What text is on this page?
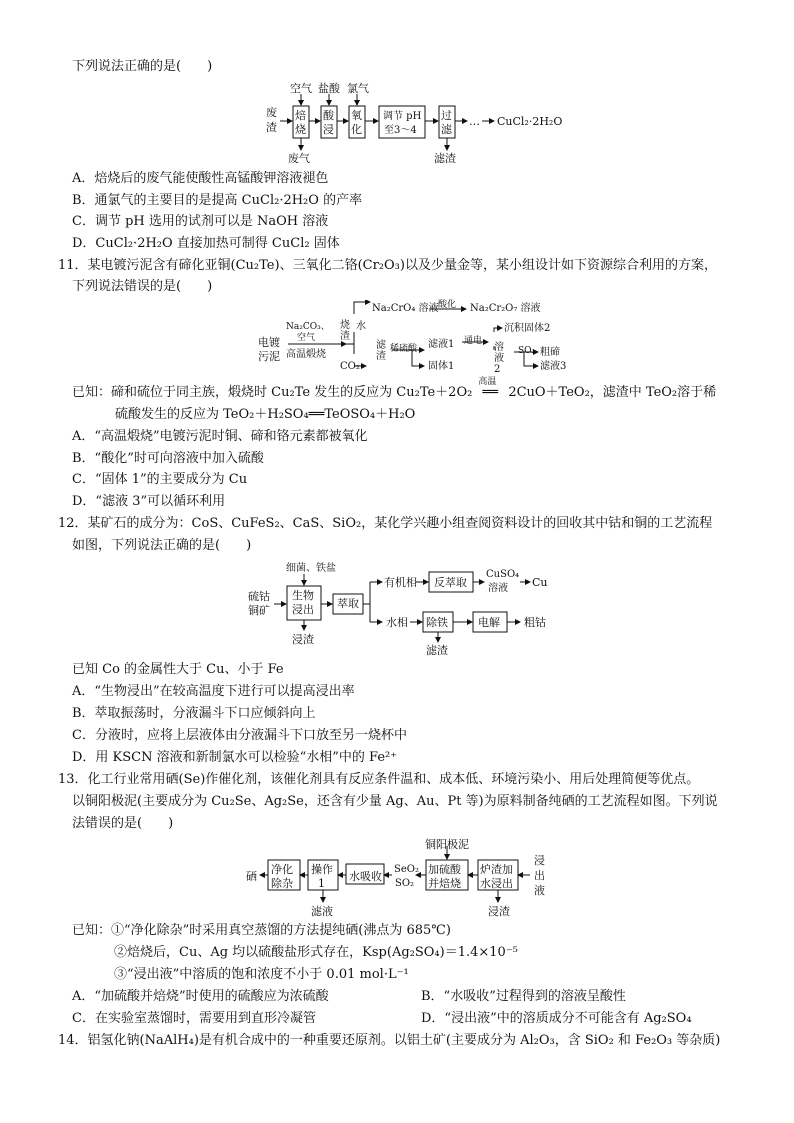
下列说法正确的是(　　)
废
渣
焙
烧
酸
浸
氧
化
调节 pH
至3～4
过
滤
…
空气 盐酸 氯气
废气	滤渣
CuCl₂·2H₂O
A．焙烧后的废气能使酸性高锰酸钾溶液褪色
B．通氯气的主要目的是提高 CuCl₂·2H₂O 的产率
C．调节 pH 选用的试剂可以是 NaOH 溶液
D．CuCl₂·2H₂O 直接加热可制得 CuCl₂ 固体
11．某电镀污泥含有碲化亚铜(Cu₂Te)、三氧化二铬(Cr₂O₃)以及少量金等，某小组设计如下资源综合利用的方案，
下列说法错误的是(　　)
电镀
污泥
Na₂CO₃、空气
高温煅烧
烧渣
水
Na₂CrO₄ 溶液 酸化 Na₂Cr₂O₇ 溶液
CO₂
滤渣
稀硫酸 滤液1 通电
沉积固体2
溶液2
SO₂ 粗碲
滤液3
固体1
已知：碲和硫位于同主族，煅烧时 Cu₂Te 发生的反应为 Cu₂Te＋2O₂
高温
══ 2CuO＋TeO₂，滤渣中 TeO₂溶于稀
硫酸发生的反应为 TeO₂＋H₂SO₄══TeOSO₄＋H₂O
A．“高温煅烧”电镀污泥时铜、碲和铬元素都被氧化
B．“酸化”时可向溶液中加入硫酸
C．“固体 1”的主要成分为 Cu
D．“滤液 3”可以循环利用
12．某矿石的成分为：CoS、CuFeS₂、CaS、SiO₂，某化学兴趣小组查阅资料设计的回收其中钴和铜的工艺流程
如图，下列说法正确的是(　　)
硫钴
铜矿
细菌、铁盐
生物
浸出
浸渣
萃取
有机相 反萃取
CuSO₄
溶液 Cu
水相 除铁
滤渣
电解 粗钴
已知 Co 的金属性大于 Cu、小于 Fe
A．“生物浸出”在较高温度下进行可以提高浸出率
B．萃取振荡时，分液漏斗下口应倾斜向上
C．分液时，应将上层液体由分液漏斗下口放至另一烧杯中
D．用 KSCN 溶液和新制氯水可以检验“水相”中的 Fe²⁺
13．化工行业常用硒(Se)作催化剂，该催化剂具有反应条件温和、成本低、环境污染小、用后处理简便等优点。
以铜阳极泥(主要成分为 Cu₂Se、Ag₂Se，还含有少量 Ag、Au、Pt 等)为原料制备纯硒的工艺流程如图。下列说
法错误的是(　　)
铜阳极泥
硒
净化
除杂
操作
1
滤液
水吸收
SeO₂
SO₂
加硫酸
并焙烧
炉渣加
水浸出
浸渣
浸
出
液
已知：①“净化除杂”时采用真空蒸馏的方法提纯硒(沸点为 685℃)
②焙烧后，Cu、Ag 均以硫酸盐形式存在，Ksp(Ag₂SO₄)＝1.4×10⁻⁵
③“浸出液”中溶质的饱和浓度不小于 0.01 mol·L⁻¹
A．“加硫酸并焙烧”时使用的硫酸应为浓硫酸	B．“水吸收”过程得到的溶液呈酸性
C．在实验室蒸馏时，需要用到直形冷凝管	D．“浸出液”中的溶质成分不可能含有 Ag₂SO₄
14．铝氢化钠(NaAlH₄)是有机合成中的一种重要还原剂。以铝土矿(主要成分为 Al₂O₃，含 SiO₂ 和 Fe₂O₃ 等杂质)
